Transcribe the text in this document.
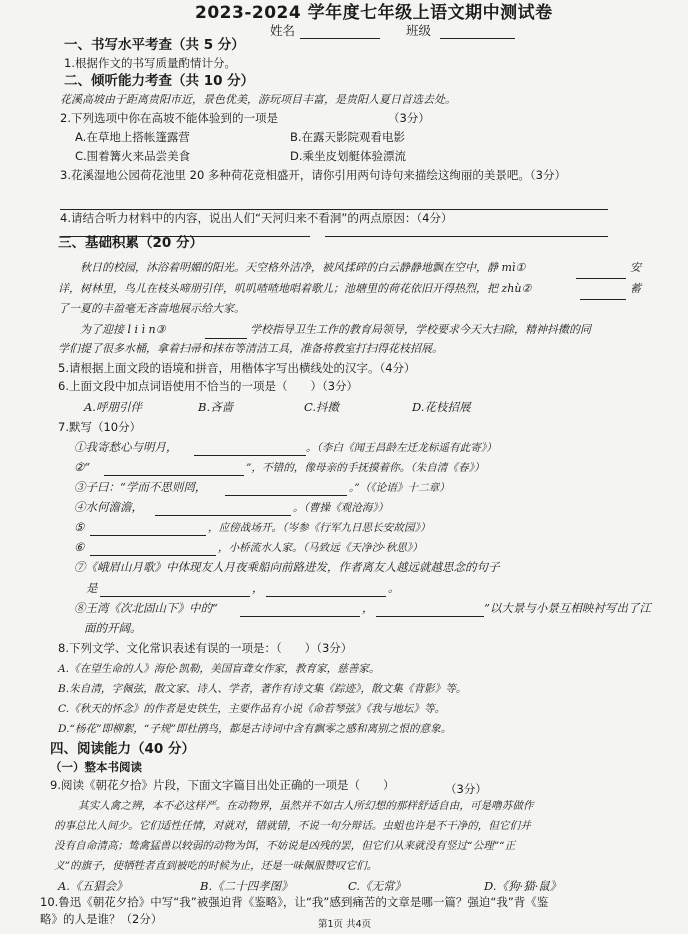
2023-2024 学年度七年级上语文期中测试卷
姓名	班级
一、书写水平考查（共 5 分）
1.根据作文的书写质量酌情计分。
二、倾听能力考查（共 10 分）
花溪高坡由于距离贵阳市近，景色优美，游玩项目丰富，是贵阳人夏日首选去处。
2.下列选项中你在高坡不能体验到的一项是	（3分）
A.在草地上搭帐篷露营	B.在露天影院观看电影
C.围着篝火来品尝美食	D.乘坐皮划艇体验漂流
3.花溪湿地公园荷花池里 20 多种荷花竞相盛开，请你引用两句诗句来描绘这绚丽的美景吧。（3分）
4.请结合听力材料中的内容，说出人们“天河归来不看洞”的两点原因：（4分）
三、基础积累（20 分）
秋日的校园，沐浴着明媚的阳光。天空格外洁净，被风揉碎的白云静静地飘在空中，静 mì①	安
详，树林里，鸟儿在枝头啼朋引伴，叽叽喳喳地唱着歌儿；池塘里的荷花依旧开得热烈，把 zhù②	蓄
了一夏的丰盈毫无吝啬地展示给大家。
为了迎接 l i ì n③	学校指导卫生工作的教育局领导，学校要求今天大扫除，精神抖擞的同
学们提了很多水桶，拿着扫帚和抹布等清洁工具，准备将教室打扫得花枝招展。
5.请根据上面文段的语境和拼音，用楷体字写出横线处的汉字。（4分）
6.上面文段中加点词语使用不恰当的一项是（　　）（3分）
A.呼朋引伴	B.吝啬	C.抖擞	D.花枝招展
7.默写（10分）
①我寄愁心与明月，	。（李白《闻王昌龄左迁龙标遥有此寄》）
②“	”，不错的，像母亲的手抚摸着你。（朱自清《春》）
③子曰：“学而不思则罔，	。”（《论语》十二章）
④水何澹澹，	。（曹操《观沧海》）
⑤	，应傍战场开。（岑参《行军九日思长安故园》）
⑥	，小桥流水人家。（马致远《天净沙·秋思》）
⑦《峨眉山月歌》中体现友人月夜乘船向前路进发，作者离友人越远就越思念的句子
是	，	。
⑧王湾《次北固山下》中的“	，	”以大景与小景互相映衬写出了江
面的开阔。
8.下列文学、文化常识表述有误的一项是：（　　）（3分）
A.《在望生命的人》海伦·凯勒，美国盲聋女作家，教育家，慈善家。
B.朱自清，字佩弦，散文家、诗人、学者，著作有诗文集《踪迹》，散文集《背影》等。
C.《秋天的怀念》的作者是史铁生，主要作品有小说《命若琴弦》《我与地坛》等。
D.“杨花”即柳絮，“子规”即杜鹃鸟，都是古诗词中含有飘零之感和离别之恨的意象。
四、阅读能力（40 分）
（一）整本书阅读
9.阅读《朝花夕拾》片段，下面文字篇目出处正确的一项是（　　）	（3分）
其实人禽之辨，本不必这样严。在动物界，虽然并不如古人所幻想的那样舒适自由，可是噜苏做作
的事总比人间少。它们适性任情，对就对，错就错，不说一句分辩话。虫蛆也许是不干净的，但它们并
没有自命清高；鸷禽猛兽以较弱的动物为饵，不妨说是凶残的罢，但它们从来就没有竖过“公理”“正
义”的旗子，使牺牲者直到被吃的时候为止，还是一味佩服赞叹它们。
A.《五猖会》	B.《二十四孝图》	C.《无常》	D.《狗·猫·鼠》
10.鲁迅《朝花夕拾》中写“我”被强迫背《鉴略》，让“我”感到痛苦的文章是哪一篇？强迫“我”背《鉴
略》的人是谁？（2分）	第1页 共4页
